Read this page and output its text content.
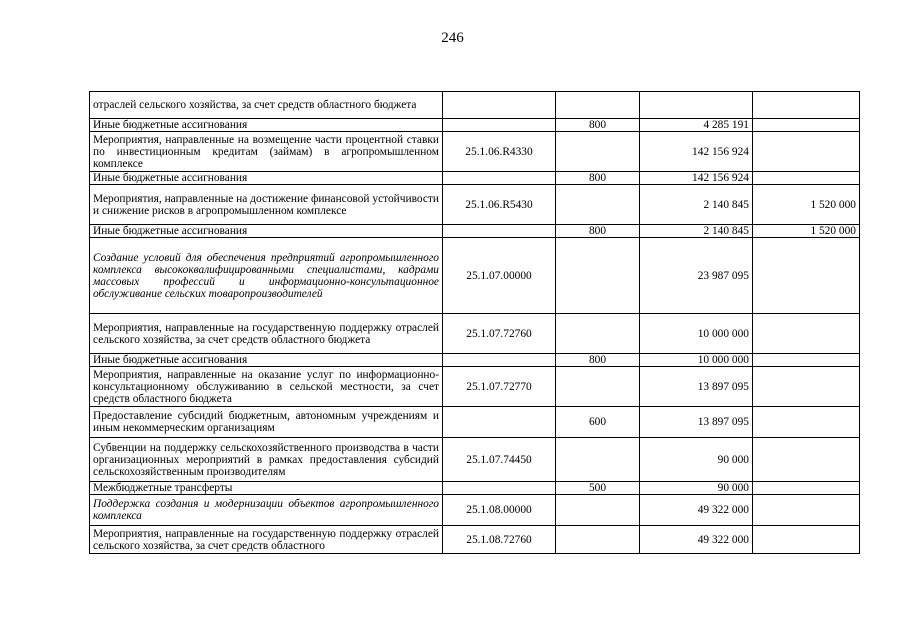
246
отраслей сельского хозяйства, за счет средств областного бюджета				
Иные бюджетные ассигнования		800	4 285 191	
Мероприятия, направленные на возмещение части процентной ставки по инвестиционным кредитам (займам) в агропромышленном комплексе	25.1.06.R4330		142 156 924	
Иные бюджетные ассигнования		800	142 156 924	
Мероприятия, направленные на достижение финансовой устойчивости и снижение рисков в агропромышленном комплексе	25.1.06.R5430		2 140 845	1 520 000
Иные бюджетные ассигнования		800	2 140 845	1 520 000
Создание условий для обеспечения предприятий агропромышленного комплекса высококвалифицированными специалистами, кадрами массовых профессий и информационно-консультационное обслуживание сельских товаропроизводителей	25.1.07.00000		23 987 095	
Мероприятия, направленные на государственную поддержку отраслей сельского хозяйства, за счет средств областного бюджета	25.1.07.72760		10 000 000	
Иные бюджетные ассигнования		800	10 000 000	
Мероприятия, направленные на оказание услуг по информационно-консультационному обслуживанию в сельской местности, за счет средств областного бюджета	25.1.07.72770		13 897 095	
Предоставление субсидий бюджетным, автономным учреждениям и иным некоммерческим организациям		600	13 897 095	
Субвенции на поддержку сельскохозяйственного производства в части организационных мероприятий в рамках предоставления субсидий сельскохозяйственным производителям	25.1.07.74450		90 000	
Межбюджетные трансферты		500	90 000	
Поддержка создания и модернизации объектов агропромышленного комплекса	25.1.08.00000		49 322 000	
Мероприятия, направленные на государственную поддержку отраслей сельского хозяйства, за счет средств областного	25.1.08.72760		49 322 000	
